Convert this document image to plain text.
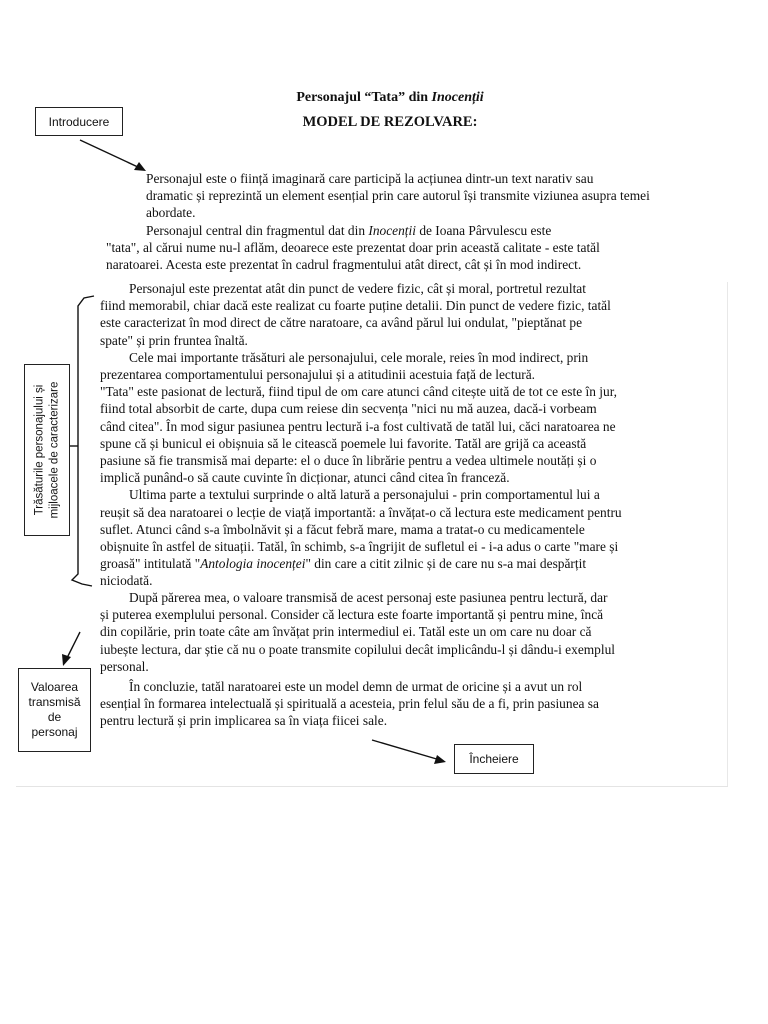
Personajul “Tata” din Inocenții
MODEL DE REZOLVARE:
Introducere
Trăsăturile personajului și mijloacele de caracterizare
Valoarea
transmisă
de
personaj
Încheiere
Personajul este o ființă imaginară care participă la acțiunea dintr-un text narativ sau
dramatic și reprezintă un element esențial prin care autorul își transmite viziunea asupra temei
abordate.
Personajul central din fragmentul dat din Inocenții de Ioana Pârvulescu este
"tata", al cărui nume nu-l aflăm, deoarece este prezentat doar prin această calitate - este tatăl
naratoarei. Acesta este prezentat în cadrul fragmentului atât direct, cât și în mod indirect.
Personajul este prezentat atât din punct de vedere fizic, cât și moral, portretul rezultat
fiind memorabil, chiar dacă este realizat cu foarte puține detalii. Din punct de vedere fizic, tatăl
este caracterizat în mod direct de către naratoare, ca având părul lui ondulat, "pieptănat pe
spate" și prin fruntea înaltă.
Cele mai importante trăsături ale personajului, cele morale, reies în mod indirect, prin
prezentarea comportamentului personajului și a atitudinii acestuia față de lectură.
"Tata" este pasionat de lectură, fiind tipul de om care atunci când citește uită de tot ce este în jur,
fiind total absorbit de carte, dupa cum reiese din secvența "nici nu mă auzea, dacă-i vorbeam
când citea". În mod sigur pasiunea pentru lectură i-a fost cultivată de tatăl lui, căci naratoarea ne
spune că și bunicul ei obișnuia să le citească poemele lui favorite. Tatăl are grijă ca această
pasiune să fie transmisă mai departe: el o duce în librărie pentru a vedea ultimele noutăți și o
implică punând-o să caute cuvinte în dicționar, atunci când citea în franceză.
Ultima parte a textului surprinde o altă latură a personajului - prin comportamentul lui a
reușit să dea naratoarei o lecție de viață importantă: a învățat-o că lectura este medicament pentru
suflet. Atunci când s-a îmbolnăvit și a făcut febră mare, mama a tratat-o cu medicamentele
obișnuite în astfel de situații. Tatăl, în schimb, s-a îngrijit de sufletul ei - i-a adus o carte "mare și
groasă" intitulată "Antologia inocenței" din care a citit zilnic și de care nu s-a mai despărțit
niciodată.
După părerea mea, o valoare transmisă de acest personaj este pasiunea pentru lectură, dar
și puterea exemplului personal. Consider că lectura este foarte importantă și pentru mine, încă
din copilărie, prin toate câte am învățat prin intermediul ei. Tatăl este un om care nu doar că
iubește lectura, dar știe că nu o poate transmite copilului decât implicându-l și dându-i exemplul
personal.
În concluzie, tatăl naratoarei este un model demn de urmat de oricine și a avut un rol
esențial în formarea intelectuală și spirituală a acesteia, prin felul său de a fi, prin pasiunea sa
pentru lectură și prin implicarea sa în viața fiicei sale.
